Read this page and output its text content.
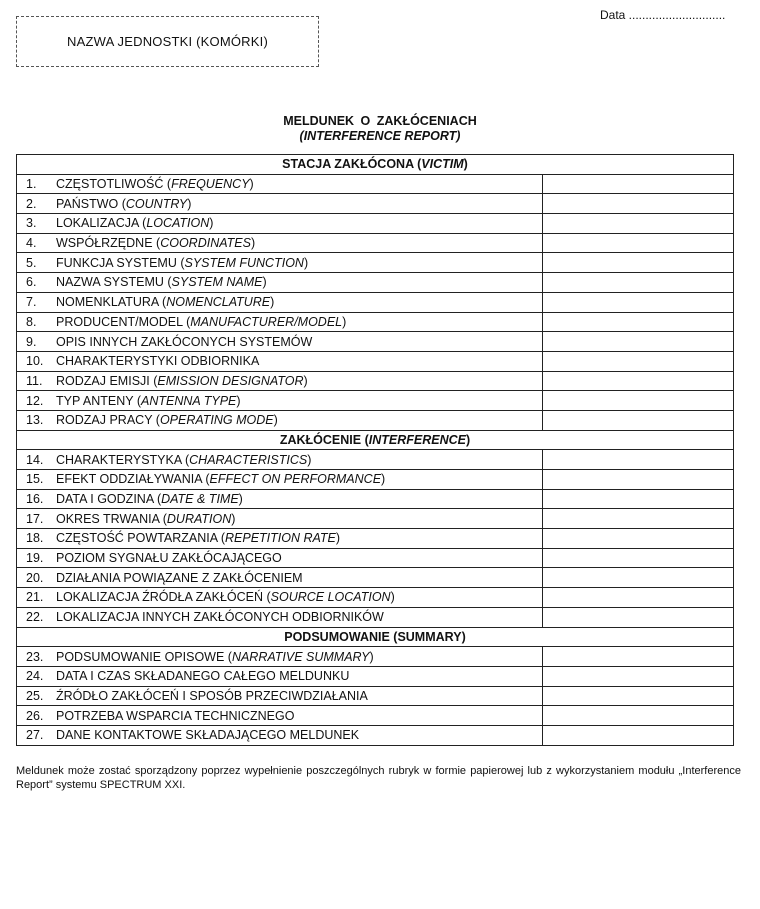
Data .............................
NAZWA JEDNOSTKI (KOMÓRKI)
MELDUNEK O ZAKŁÓCENIACH
(INTERFERENCE REPORT)
STACJA ZAKŁÓCONA (VICTIM)	
1. CZĘSTOTLIWOŚĆ (FREQUENCY)	
2. PAŃSTWO (COUNTRY)	
3. LOKALIZACJA (LOCATION)	
4. WSPÓŁRZĘDNE (COORDINATES)	
5. FUNKCJA SYSTEMU (SYSTEM FUNCTION)	
6. NAZWA SYSTEMU (SYSTEM NAME)	
7. NOMENKLATURA (NOMENCLATURE)	
8. PRODUCENT/MODEL (MANUFACTURER/MODEL)	
9. OPIS INNYCH ZAKŁÓCONYCH SYSTEMÓW	
10. CHARAKTERYSTYKI ODBIORNIKA	
11. RODZAJ EMISJI (EMISSION DESIGNATOR)	
12. TYP ANTENY (ANTENNA TYPE)	
13. RODZAJ PRACY (OPERATING MODE)	
ZAKŁÓCENIE (INTERFERENCE)	
14. CHARAKTERYSTYKA (CHARACTERISTICS)	
15. EFEKT ODDZIAŁYWANIA (EFFECT ON PERFORMANCE)	
16. DATA I GODZINA (DATE & TIME)	
17. OKRES TRWANIA (DURATION)	
18. CZĘSTOŚĆ POWTARZANIA (REPETITION RATE)	
19. POZIOM SYGNAŁU ZAKŁÓCAJĄCEGO	
20. DZIAŁANIA POWIĄZANE Z ZAKŁÓCENIEM	
21. LOKALIZACJA ŹRÓDŁA ZAKŁÓCEŃ (SOURCE LOCATION)	
22. LOKALIZACJA INNYCH ZAKŁÓCONYCH ODBIORNIKÓW	
PODSUMOWANIE (SUMMARY)	
23. PODSUMOWANIE OPISOWE (NARRATIVE SUMMARY)	
24. DATA I CZAS SKŁADANEGO CAŁEGO MELDUNKU	
25. ŹRÓDŁO ZAKŁÓCEŃ I SPOSÓB PRZECIWDZIAŁANIA	
26. POTRZEBA WSPARCIA TECHNICZNEGO	
27. DANE KONTAKTOWE SKŁADAJĄCEGO MELDUNEK	
Meldunek może zostać sporządzony poprzez wypełnienie poszczególnych rubryk w formie papierowej lub z wykorzystaniem modułu „Interference Report” systemu SPECTRUM XXI.
